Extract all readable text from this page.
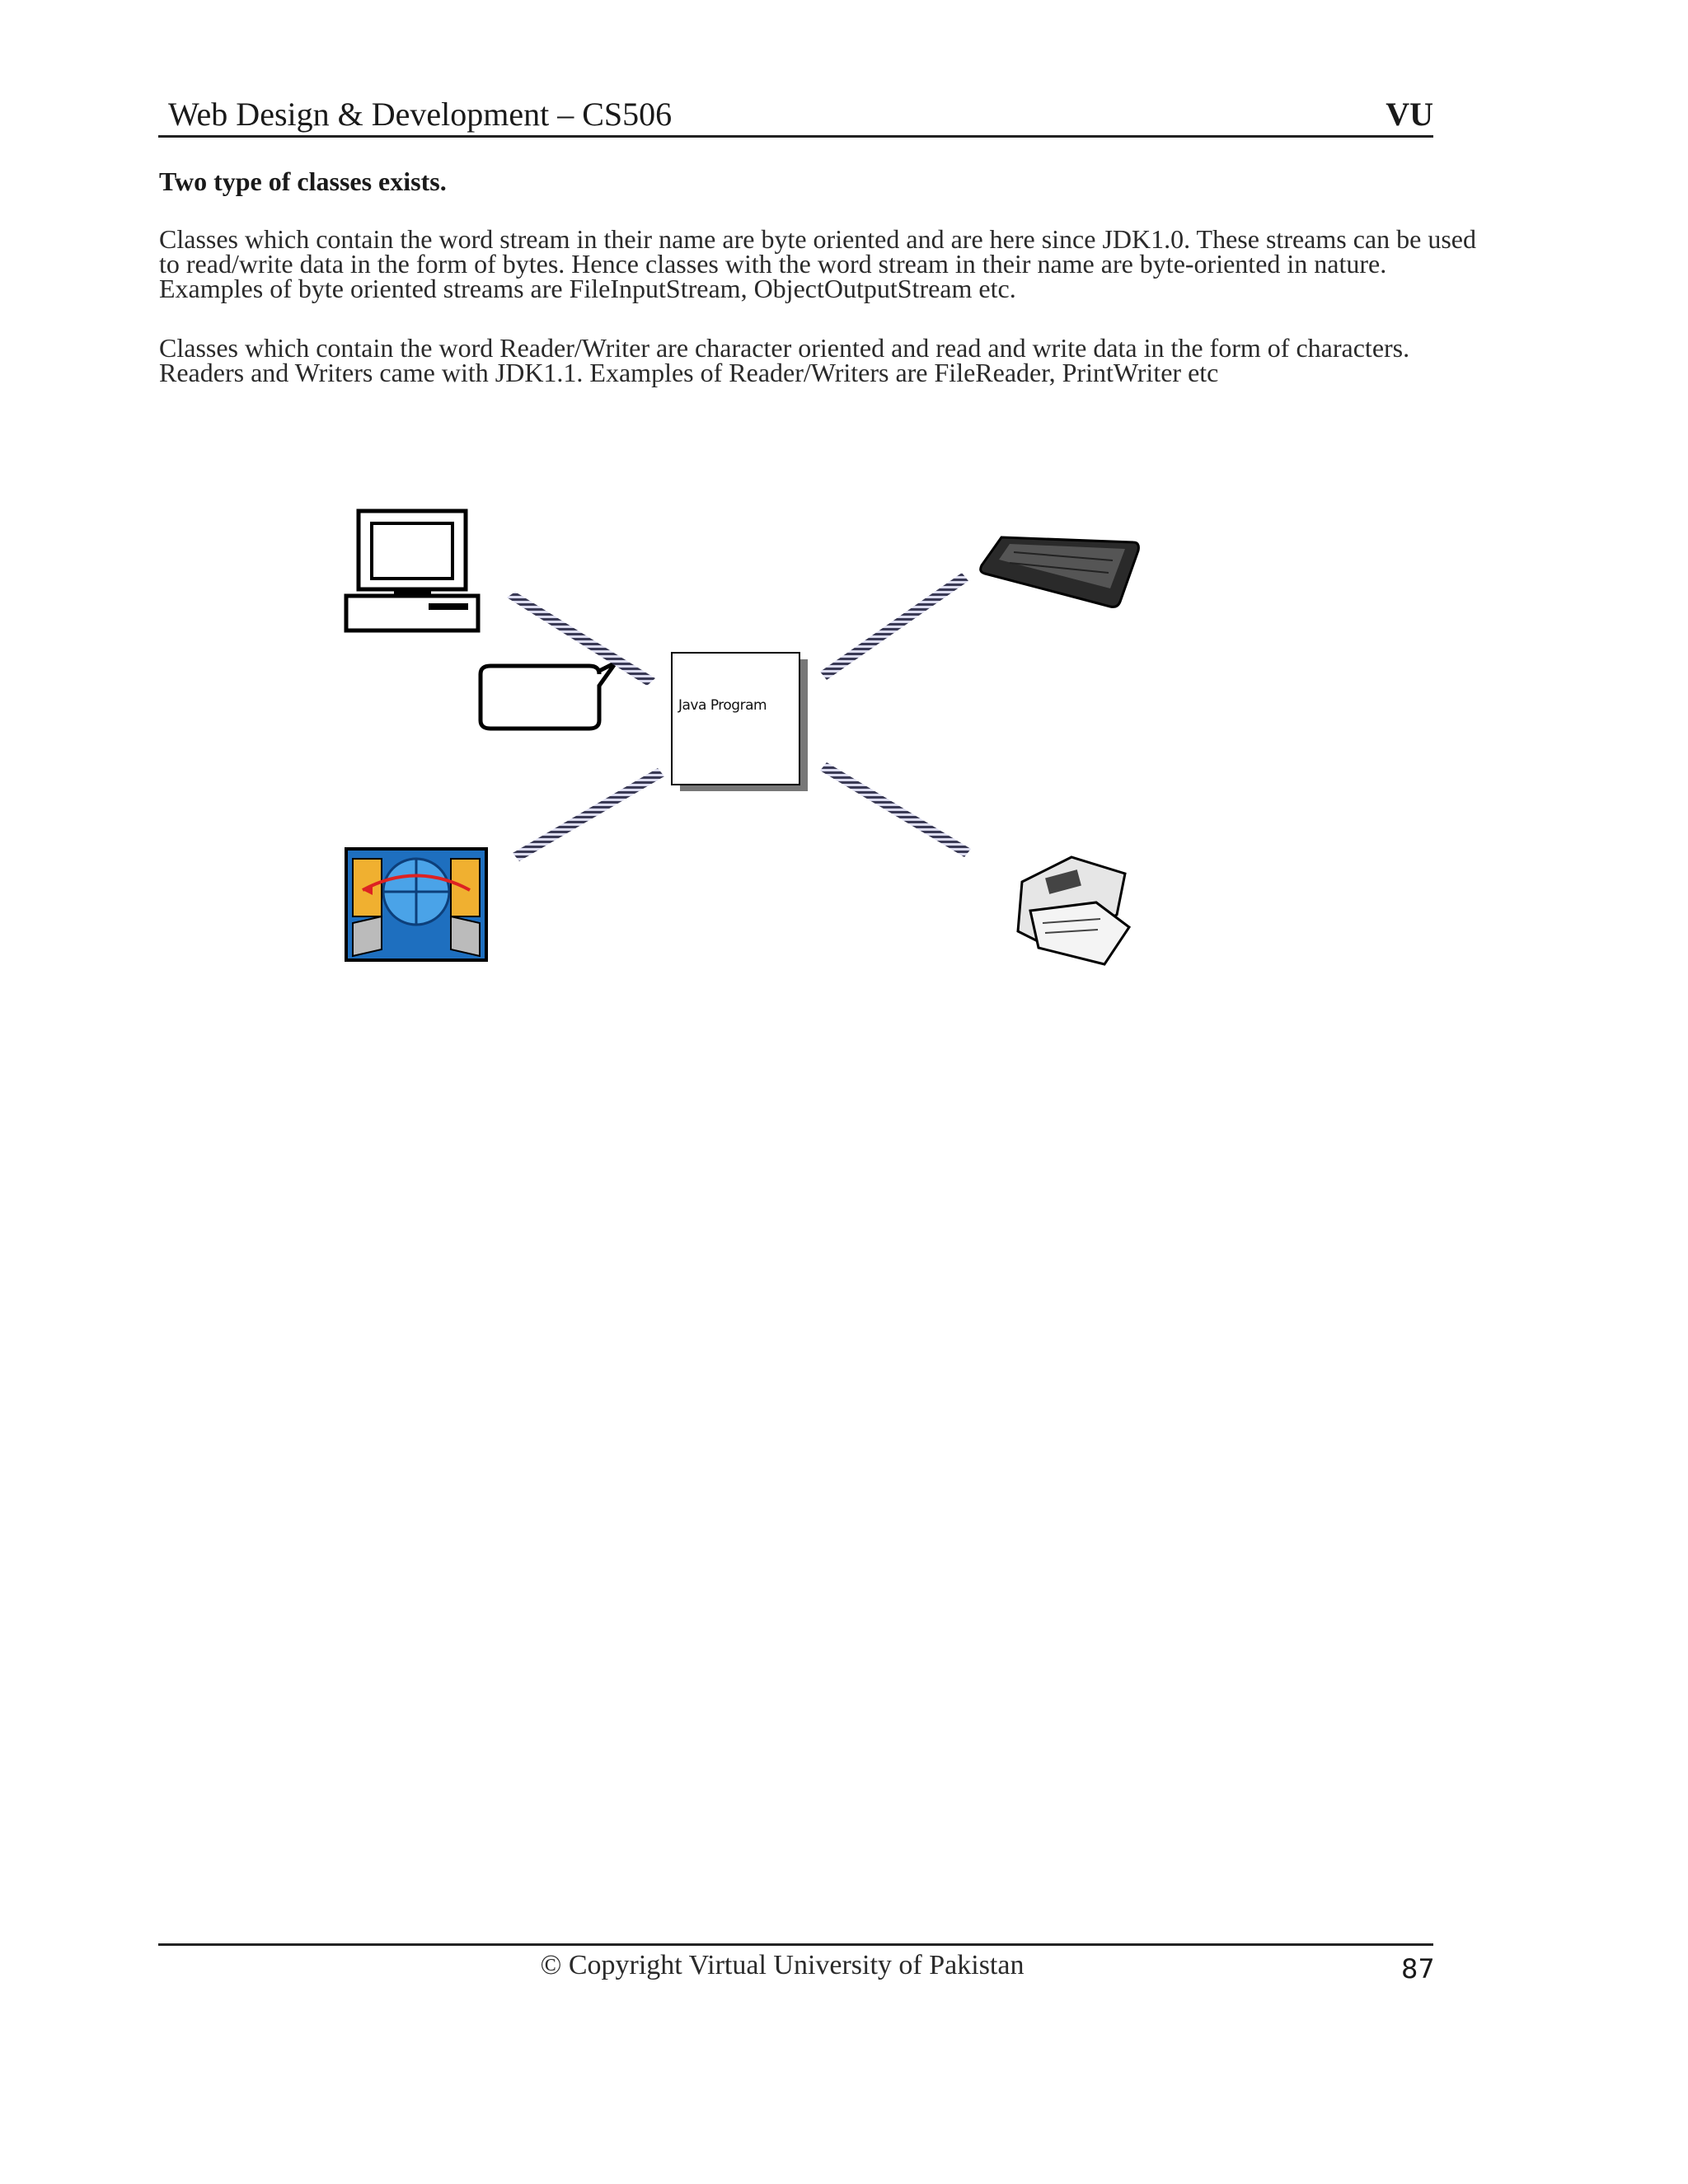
Web Design & Development – CS506	VU
Two type of classes exists.
Classes which contain the word stream in their name are byte oriented and are here since JDK1.0. These streams can be used to read/write data in the form of bytes. Hence classes with the word stream in their name are byte-oriented in nature. Examples of byte oriented streams are FileInputStream, ObjectOutputStream etc.
Classes which contain the word Reader/Writer are character oriented and read and write data in the form of characters. Readers and Writers came with JDK1.1. Examples of Reader/Writers are FileReader, PrintWriter etc
Java Program
© Copyright Virtual University of Pakistan	87
